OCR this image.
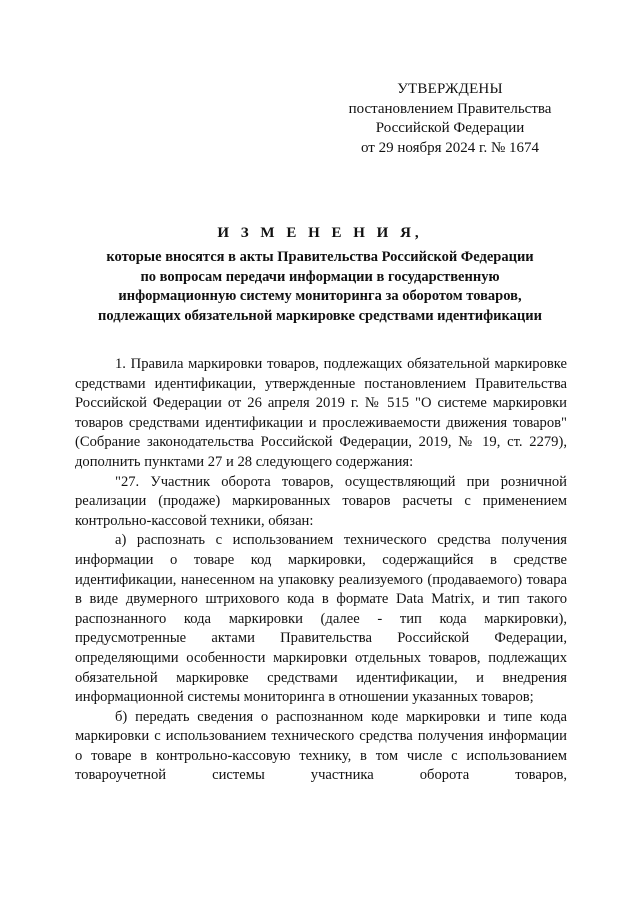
УТВЕРЖДЕНЫ
постановлением Правительства
Российской Федерации
от 29 ноября 2024 г. № 1674
И З М Е Н Е Н И Я,
которые вносятся в акты Правительства Российской Федерации
по вопросам передачи информации в государственную
информационную систему мониторинга за оборотом товаров,
подлежащих обязательной маркировке средствами идентификации

1. Правила маркировки товаров, подлежащих обязательной маркировке средствами идентификации, утвержденные постановлением Правительства Российской Федерации от 26 апреля 2019 г. № 515 "О системе маркировки товаров средствами идентификации и прослеживаемости движения товаров" (Собрание законодательства Российской Федерации, 2019, № 19, ст. 2279), дополнить пунктами 27 и 28 следующего содержания:

"27. Участник оборота товаров, осуществляющий при розничной реализации (продаже) маркированных товаров расчеты с применением контрольно-кассовой техники, обязан:

а) распознать с использованием технического средства получения информации о товаре код маркировки, содержащийся в средстве идентификации, нанесенном на упаковку реализуемого (продаваемого) товара в виде двумерного штрихового кода в формате Data Matrix, и тип такого распознанного кода маркировки (далее - тип кода маркировки), предусмотренные актами Правительства Российской Федерации, определяющими особенности маркировки отдельных товаров, подлежащих обязательной маркировке средствами идентификации, и внедрения информационной системы мониторинга в отношении указанных товаров;

б) передать сведения о распознанном коде маркировки и типе кода маркировки с использованием технического средства получения информации о товаре в контрольно-кассовую технику, в том числе с использованием товароучетной системы участника оборота товаров,
